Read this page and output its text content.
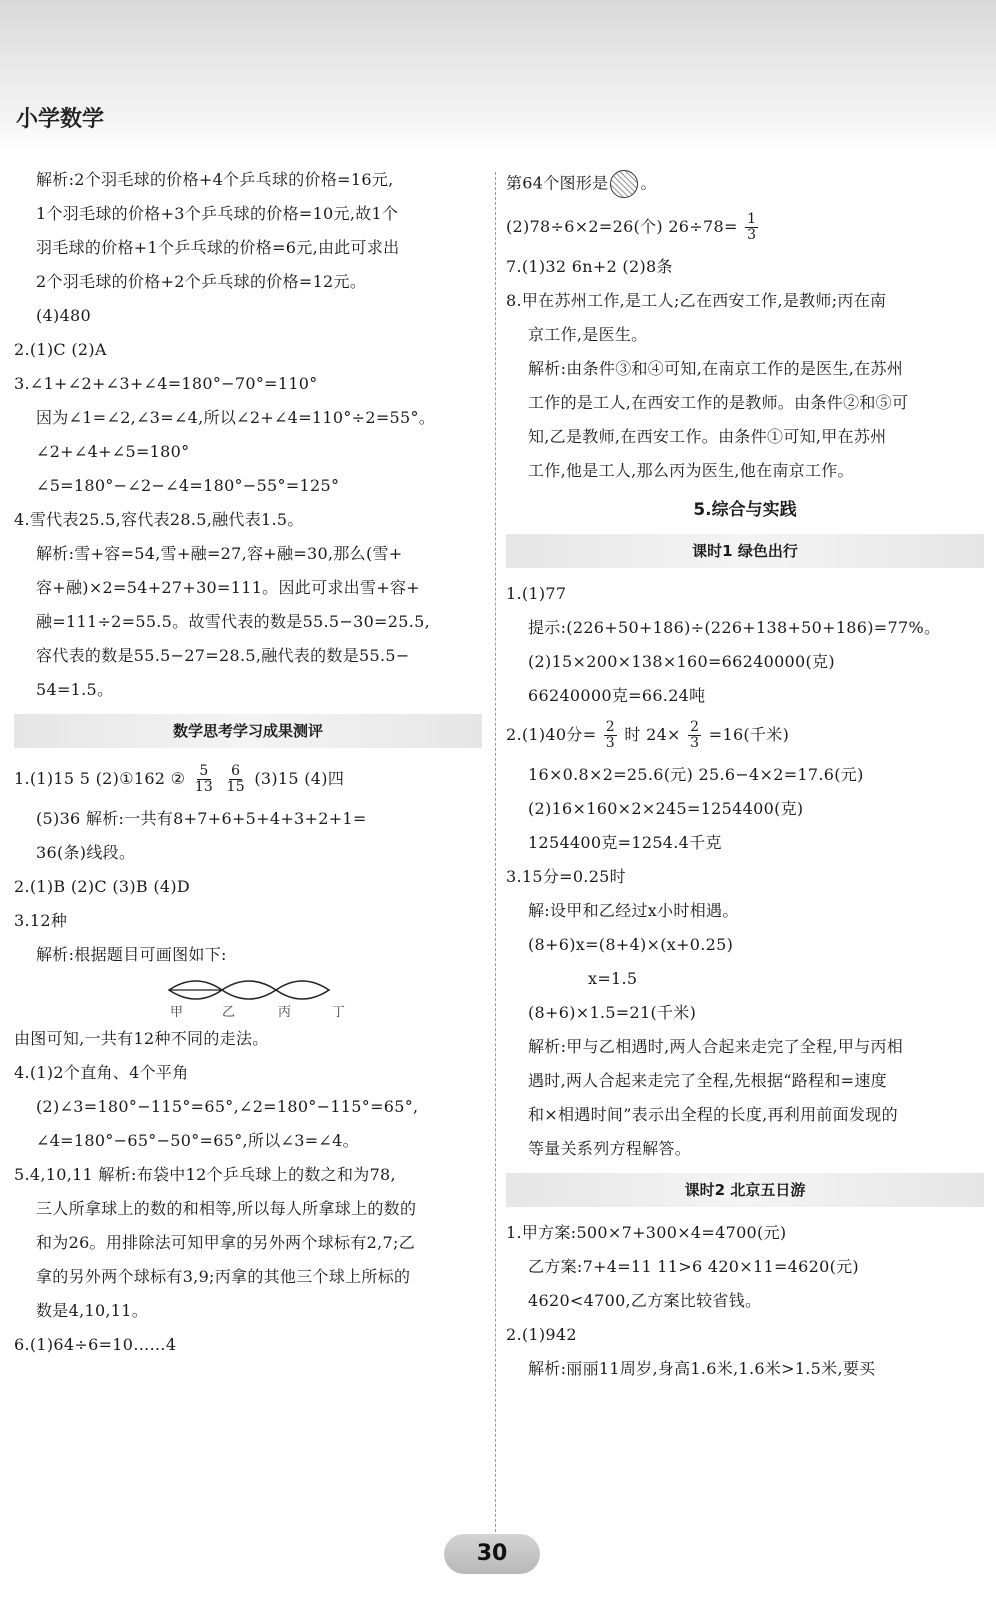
小学数学
解析:2个羽毛球的价格+4个乒乓球的价格=16元,
1个羽毛球的价格+3个乒乓球的价格=10元,故1个
羽毛球的价格+1个乒乓球的价格=6元,由此可求出
2个羽毛球的价格+2个乒乓球的价格=12元。
(4)480
2.(1)C (2)A
3.∠1+∠2+∠3+∠4=180°−70°=110°
因为∠1=∠2,∠3=∠4,所以∠2+∠4=110°÷2=55°。
∠2+∠4+∠5=180°
∠5=180°−∠2−∠4=180°−55°=125°
4.雪代表25.5,容代表28.5,融代表1.5。
解析:雪+容=54,雪+融=27,容+融=30,那么(雪+
容+融)×2=54+27+30=111。因此可求出雪+容+
融=111÷2=55.5。故雪代表的数是55.5−30=25.5,
容代表的数是55.5−27=28.5,融代表的数是55.5−
54=1.5。
数学思考学习成果测评
1.(1)15 5 (2)①162 ② $\frac{5}{13}$
$\frac{6}{15} (3)15$ (4)四
(5)36 解析:一共有8+7+6+5+4+3+2+1=
36(条)线段。
2.(1)B (2)C (3)B (4)D
3.12种
解析:根据题目可画图如下:
甲	乙	丙	丁
由图可知,一共有12种不同的走法。
4.(1)2个直角、4个平角
(2)∠3=180°−115°=65°,∠2=180°−115°=65°,
∠4=180°−65°−50°=65°,所以∠3=∠4。
5.4,10,11 解析:布袋中12个乒乓球上的数之和为78,
三人所拿球上的数的和相等,所以每人所拿球上的数的
和为26。用排除法可知甲拿的另外两个球标有2,7;乙
拿的另外两个球标有3,9;丙拿的其他三个球上所标的
数是4,10,11。
6.(1)64÷6=10……4
第64个图形是 。
(2)78÷6×2=26(个) $26\div 78= \frac{1}{3}$
7.(1)32 6n+2 (2)8条
8.甲在苏州工作,是工人;乙在西安工作,是教师;丙在南
京工作,是医生。
解析:由条件③和④可知,在南京工作的是医生,在苏州
工作的是工人,在西安工作的是教师。由条件②和⑤可
知,乙是教师,在西安工作。由条件①可知,甲在苏州
工作,他是工人,那么丙为医生,他在南京工作。
5.综合与实践
课时1 绿色出行
1.(1)77
提示:(226+50+186)÷(226+138+50+186)=77%。
(2)15×200×138×160=66240000(克)
66240000克=66.24吨
2.(1)40分= $\frac{2}{3}$ 时 $24\times \frac{2}{3} =16$(千米)
16×0.8×2=25.6(元) 25.6−4×2=17.6(元)
(2)16×160×2×245=1254400(克)
1254400克=1254.4千克
3.15分=0.25时
解:设甲和乙经过x小时相遇。
(8+6)x=(8+4)×(x+0.25)
x=1.5
(8+6)×1.5=21(千米)
解析:甲与乙相遇时,两人合起来走完了全程,甲与丙相
遇时,两人合起来走完了全程,先根据“路程和=速度
和×相遇时间”表示出全程的长度,再利用前面发现的
等量关系列方程解答。
课时2 北京五日游
1.甲方案:500×7+300×4=4700(元)
乙方案:7+4=11 11>6 420×11=4620(元)
4620<4700,乙方案比较省钱。
2.(1)942
解析:丽丽11周岁,身高1.6米,1.6米>1.5米,要买
30
